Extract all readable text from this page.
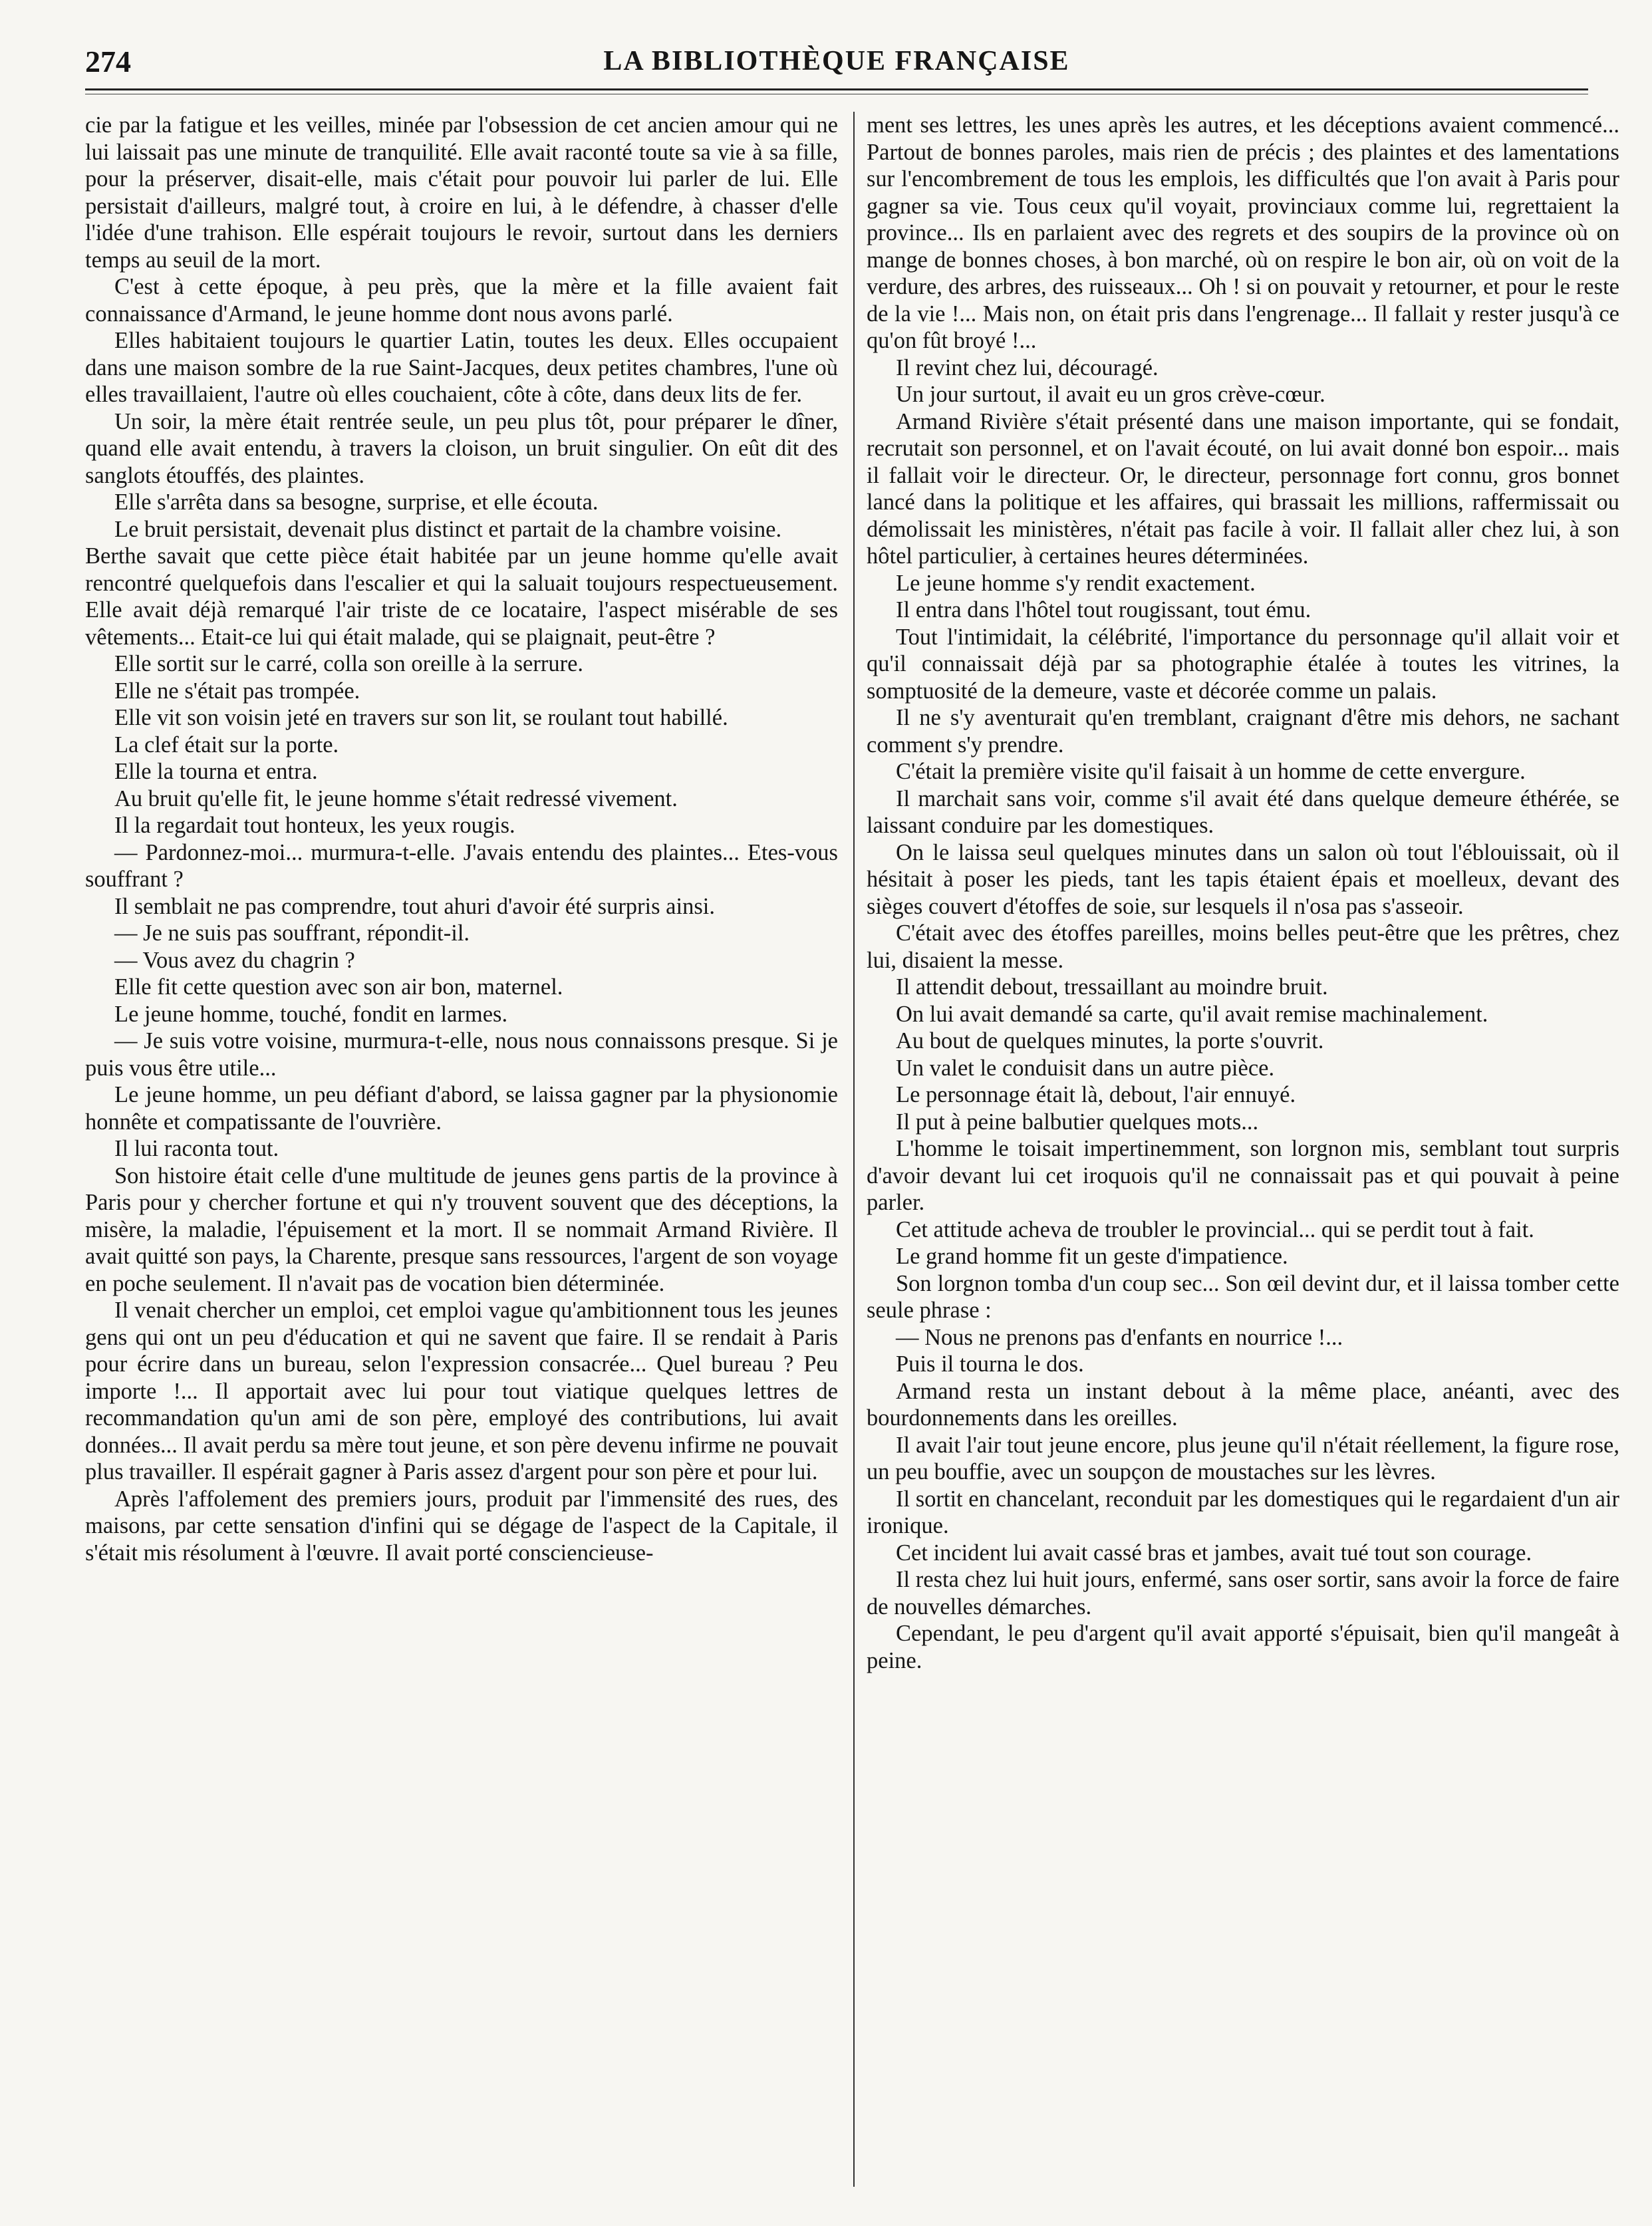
274	LA BIBLIOTHÈQUE FRANÇAISE

cie par la fatigue et les veilles, minée par l'obsession de cet ancien amour qui ne lui laissait pas une minute de tranquilité. Elle avait raconté toute sa vie à sa fille, pour la préserver, disait-elle, mais c'était pour pouvoir lui parler de lui. Elle persistait d'ailleurs, malgré tout, à croire en lui, à le défendre, à chasser d'elle l'idée d'une trahison. Elle espérait toujours le revoir, surtout dans les derniers temps au seuil de la mort.

C'est à cette époque, à peu près, que la mère et la fille avaient fait connaissance d'Armand, le jeune homme dont nous avons parlé.

Elles habitaient toujours le quartier Latin, toutes les deux. Elles occupaient dans une maison sombre de la rue Saint-Jacques, deux petites chambres, l'une où elles travaillaient, l'autre où elles couchaient, côte à côte, dans deux lits de fer.

Un soir, la mère était rentrée seule, un peu plus tôt, pour préparer le dîner, quand elle avait entendu, à travers la cloison, un bruit singulier. On eût dit des sanglots étouffés, des plaintes.

Elle s'arrêta dans sa besogne, surprise, et elle écouta.

Le bruit persistait, devenait plus distinct et partait de la chambre voisine.

Berthe savait que cette pièce était habitée par un jeune homme qu'elle avait rencontré quelquefois dans l'escalier et qui la saluait toujours respectueusement. Elle avait déjà remarqué l'air triste de ce locataire, l'aspect misérable de ses vêtements... Etait-ce lui qui était malade, qui se plaignait, peut-être ?

Elle sortit sur le carré, colla son oreille à la serrure.

Elle ne s'était pas trompée.

Elle vit son voisin jeté en travers sur son lit, se roulant tout habillé.

La clef était sur la porte.

Elle la tourna et entra.

Au bruit qu'elle fit, le jeune homme s'était redressé vivement.

Il la regardait tout honteux, les yeux rougis.

— Pardonnez-moi... murmura-t-elle. J'avais entendu des plaintes... Etes-vous souffrant ?

Il semblait ne pas comprendre, tout ahuri d'avoir été surpris ainsi.

— Je ne suis pas souffrant, répondit-il.

— Vous avez du chagrin ?

Elle fit cette question avec son air bon, maternel.

Le jeune homme, touché, fondit en larmes.

— Je suis votre voisine, murmura-t-elle, nous nous connaissons presque. Si je puis vous être utile...

Le jeune homme, un peu défiant d'abord, se laissa gagner par la physionomie honnête et compatissante de l'ouvrière.

Il lui raconta tout.

Son histoire était celle d'une multitude de jeunes gens partis de la province à Paris pour y chercher fortune et qui n'y trouvent souvent que des déceptions, la misère, la maladie, l'épuisement et la mort. Il se nommait Armand Rivière. Il avait quitté son pays, la Charente, presque sans ressources, l'argent de son voyage en poche seulement. Il n'avait pas de vocation bien déterminée.

Il venait chercher un emploi, cet emploi vague qu'ambitionnent tous les jeunes gens qui ont un peu d'éducation et qui ne savent que faire. Il se rendait à Paris pour écrire dans un bureau, selon l'expression consacrée... Quel bureau ? Peu importe !... Il apportait avec lui pour tout viatique quelques lettres de recommandation qu'un ami de son père, employé des contributions, lui avait données... Il avait perdu sa mère tout jeune, et son père devenu infirme ne pouvait plus travailler. Il espérait gagner à Paris assez d'argent pour son père et pour lui.

Après l'affolement des premiers jours, produit par l'immensité des rues, des maisons, par cette sensation d'infini qui se dégage de l'aspect de la Capitale, il s'était mis résolument à l'œuvre. Il avait porté consciencieuse-

ment ses lettres, les unes après les autres, et les déceptions avaient commencé... Partout de bonnes paroles, mais rien de précis ; des plaintes et des lamentations sur l'encombrement de tous les emplois, les difficultés que l'on avait à Paris pour gagner sa vie. Tous ceux qu'il voyait, provinciaux comme lui, regrettaient la province... Ils en parlaient avec des regrets et des soupirs de la province où on mange de bonnes choses, à bon marché, où on respire le bon air, où on voit de la verdure, des arbres, des ruisseaux... Oh ! si on pouvait y retourner, et pour le reste de la vie !... Mais non, on était pris dans l'engrenage... Il fallait y rester jusqu'à ce qu'on fût broyé !...

Il revint chez lui, découragé.

Un jour surtout, il avait eu un gros crève-cœur.

Armand Rivière s'était présenté dans une maison importante, qui se fondait, recrutait son personnel, et on l'avait écouté, on lui avait donné bon espoir... mais il fallait voir le directeur. Or, le directeur, personnage fort connu, gros bonnet lancé dans la politique et les affaires, qui brassait les millions, raffermissait ou démolissait les ministères, n'était pas facile à voir. Il fallait aller chez lui, à son hôtel particulier, à certaines heures déterminées.

Le jeune homme s'y rendit exactement.

Il entra dans l'hôtel tout rougissant, tout ému.

Tout l'intimidait, la célébrité, l'importance du personnage qu'il allait voir et qu'il connaissait déjà par sa photographie étalée à toutes les vitrines, la somptuosité de la demeure, vaste et décorée comme un palais.

Il ne s'y aventurait qu'en tremblant, craignant d'être mis dehors, ne sachant comment s'y prendre.

C'était la première visite qu'il faisait à un homme de cette envergure.

Il marchait sans voir, comme s'il avait été dans quelque demeure éthérée, se laissant conduire par les domestiques.

On le laissa seul quelques minutes dans un salon où tout l'éblouissait, où il hésitait à poser les pieds, tant les tapis étaient épais et moelleux, devant des sièges couvert d'étoffes de soie, sur lesquels il n'osa pas s'asseoir.

C'était avec des étoffes pareilles, moins belles peut-être que les prêtres, chez lui, disaient la messe.

Il attendit debout, tressaillant au moindre bruit.

On lui avait demandé sa carte, qu'il avait remise machinalement.

Au bout de quelques minutes, la porte s'ouvrit.

Un valet le conduisit dans un autre pièce.

Le personnage était là, debout, l'air ennuyé.

Il put à peine balbutier quelques mots...

L'homme le toisait impertinemment, son lorgnon mis, semblant tout surpris d'avoir devant lui cet iroquois qu'il ne connaissait pas et qui pouvait à peine parler.

Cet attitude acheva de troubler le provincial... qui se perdit tout à fait.

Le grand homme fit un geste d'impatience.

Son lorgnon tomba d'un coup sec... Son œil devint dur, et il laissa tomber cette seule phrase :

— Nous ne prenons pas d'enfants en nourrice !...

Puis il tourna le dos.

Armand resta un instant debout à la même place, anéanti, avec des bourdonnements dans les oreilles.

Il avait l'air tout jeune encore, plus jeune qu'il n'était réellement, la figure rose, un peu bouffie, avec un soupçon de moustaches sur les lèvres.

Il sortit en chancelant, reconduit par les domestiques qui le regardaient d'un air ironique.

Cet incident lui avait cassé bras et jambes, avait tué tout son courage.

Il resta chez lui huit jours, enfermé, sans oser sortir, sans avoir la force de faire de nouvelles démarches.

Cependant, le peu d'argent qu'il avait apporté s'épuisait, bien qu'il mangeât à peine.
